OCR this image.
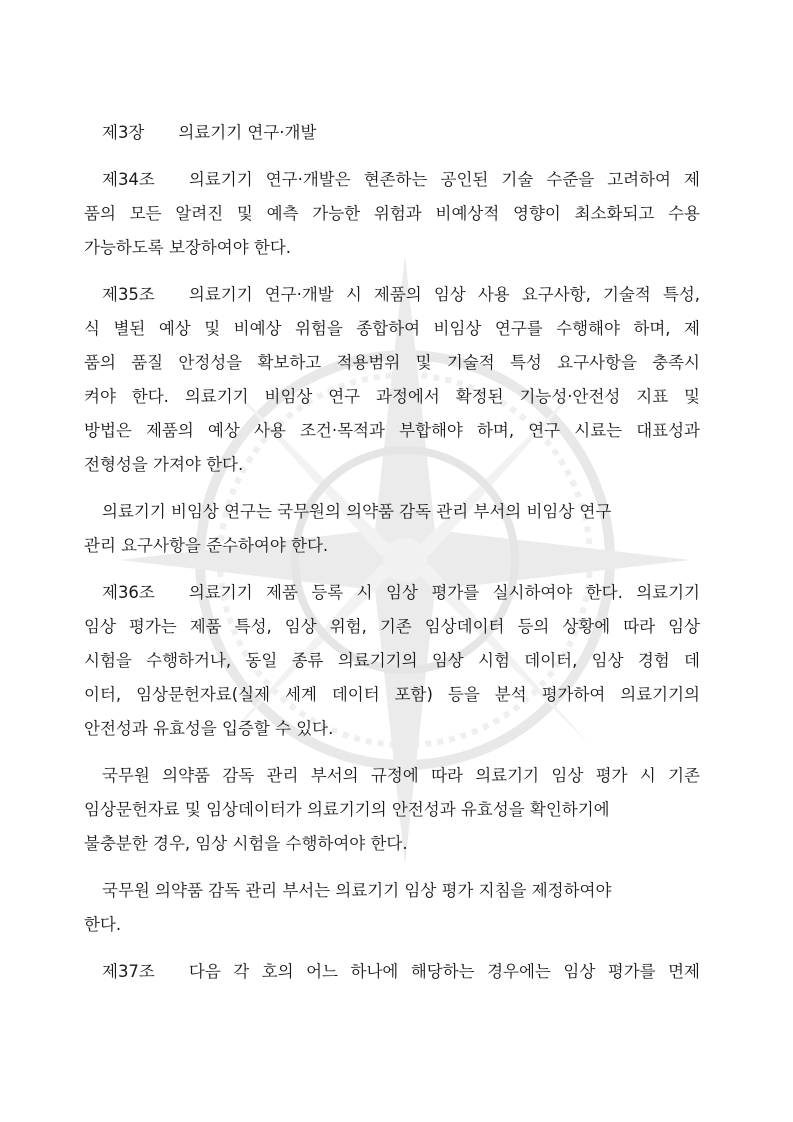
제3장 의료기기 연구·개발
제34조 의료기기 연구·개발은 현존하는 공인된 기술 수준을 고려하여 제
품의 모든 알려진 및 예측 가능한 위험과 비예상적 영향이 최소화되고 수용
가능하도록 보장하여야 한다.
제35조 의료기기 연구·개발 시 제품의 임상 사용 요구사항, 기술적 특성,
식 별된 예상 및 비예상 위험을 종합하여 비임상 연구를 수행해야 하며, 제
품의 품질 안정성을 확보하고 적용범위 및 기술적 특성 요구사항을 충족시
켜야 한다. 의료기기 비임상 연구 과정에서 확정된 기능성·안전성 지표 및
방법은 제품의 예상 사용 조건·목적과 부합해야 하며, 연구 시료는 대표성과
전형성을 가져야 한다.
의료기기 비임상 연구는 국무원의 의약품 감독 관리 부서의 비임상 연구
관리 요구사항을 준수하여야 한다.
제36조 의료기기 제품 등록 시 임상 평가를 실시하여야 한다. 의료기기
임상 평가는 제품 특성, 임상 위험, 기존 임상데이터 등의 상황에 따라 임상
시험을 수행하거나, 동일 종류 의료기기의 임상 시험 데이터, 임상 경험 데
이터, 임상문헌자료(실제 세계 데이터 포함) 등을 분석 평가하여 의료기기의
안전성과 유효성을 입증할 수 있다.
국무원 의약품 감독 관리 부서의 규정에 따라 의료기기 임상 평가 시 기존
임상문헌자료 및 임상데이터가 의료기기의 안전성과 유효성을 확인하기에
불충분한 경우, 임상 시험을 수행하여야 한다.
국무원 의약품 감독 관리 부서는 의료기기 임상 평가 지침을 제정하여야
한다.
제37조 다음 각 호의 어느 하나에 해당하는 경우에는 임상 평가를 면제
